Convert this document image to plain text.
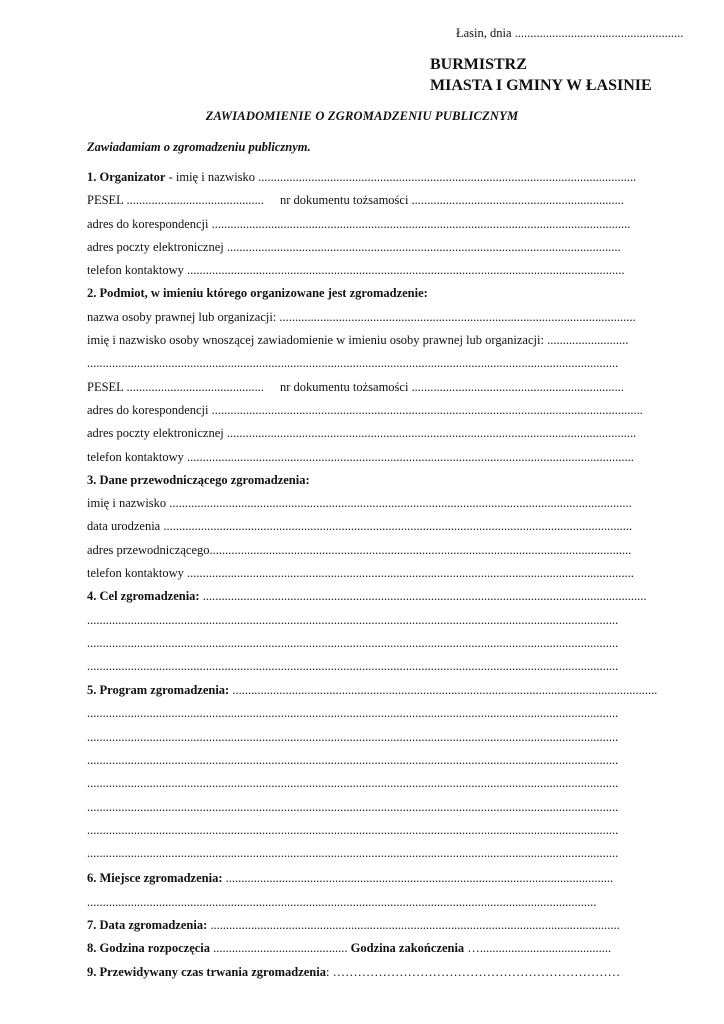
Łasin, dnia ......................................................
BURMISTRZ
MIASTA I GMINY W ŁASINIE
ZAWIADOMIENIE O ZGROMADZENIU PUBLICZNYM
Zawiadamiam o zgromadzeniu publicznym.
1. Organizator - imię i nazwisko .........................................................................................................................
PESEL ............................................ nr dokumentu tożsamości ....................................................................
adres do korespondencji ......................................................................................................................................
adres poczty elektronicznej ..............................................................................................................................
telefon kontaktowy ............................................................................................................................................
2. Podmiot, w imieniu którego organizowane jest zgromadzenie:
nazwa osoby prawnej lub organizacji: ..................................................................................................................
imię i nazwisko osoby wnoszącej zawiadomienie w imieniu osoby prawnej lub organizacji: ..........................
..........................................................................................................................................................................
PESEL ............................................ nr dokumentu tożsamości ....................................................................
adres do korespondencji ..........................................................................................................................................
adres poczty elektronicznej ...................................................................................................................................
telefon kontaktowy ...............................................................................................................................................
3. Dane przewodniczącego zgromadzenia:
imię i nazwisko ....................................................................................................................................................
data urodzenia ......................................................................................................................................................
adres przewodniczącego.......................................................................................................................................
telefon kontaktowy ...............................................................................................................................................
4. Cel zgromadzenia: ..............................................................................................................................................
..........................................................................................................................................................................
..........................................................................................................................................................................
..........................................................................................................................................................................
5. Program zgromadzenia: ........................................................................................................................................
..........................................................................................................................................................................
..........................................................................................................................................................................
..........................................................................................................................................................................
..........................................................................................................................................................................
..........................................................................................................................................................................
..........................................................................................................................................................................
..........................................................................................................................................................................
6. Miejsce zgromadzenia: ............................................................................................................................
...................................................................................................................................................................
7. Data zgromadzenia: ...................................................................................................................................
8. Godzina rozpoczęcia ........................................... Godzina zakończenia …..........................................
9. Przewidywany czas trwania zgromadzenia: ……………………………………………………………
